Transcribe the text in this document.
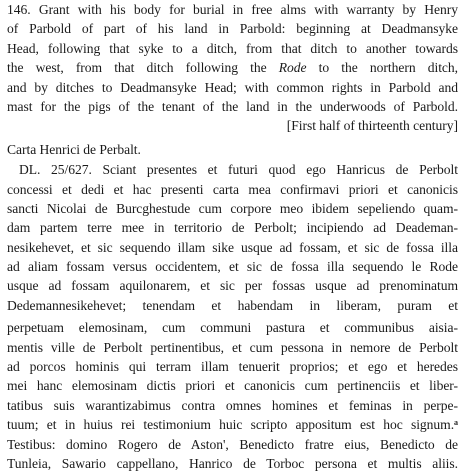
146. Grant with his body for burial in free alms with warranty by Henry
of Parbold of part of his land in Parbold: beginning at Deadmansyke
Head, following that syke to a ditch, from that ditch to another towards
the west, from that ditch following the Rode to the northern ditch,
and by ditches to Deadmansyke Head; with common rights in Parbold and
mast for the pigs of the tenant of the land in the underwoods of Parbold.
[First half of thirteenth century]
Carta Henrici de Perbalt.
DL. 25/627. Sciant presentes et futuri quod ego Hanricus de Perbolt
concessi et dedi et hac presenti carta mea confirmavi priori et canonicis
sancti Nicolai de Burcghestude cum corpore meo ibidem sepeliendo quam-
dam partem terre mee in territorio de Perbolt; incipiendo ad Deademan-
nesikehevet, et sic sequendo illam sike usque ad fossam, et sic de fossa illa
ad aliam fossam versus occidentem, et sic de fossa illa sequendo le Rode
usque ad fossam aquilonarem, et sic per fossas usque ad prenominatum
Dedemannesikehevet; tenendam et habendam in liberam, puram et
perpetuam elemosinam, cum communi pastura et communibus aisia-
mentis ville de Perbolt pertinentibus, et cum pessona in nemore de Perbolt
ad porcos hominis qui terram illam tenuerit proprios; et ego et heredes
mei hanc elemosinam dictis priori et canonicis cum pertinenciis et liber-
tatibus suis warantizabimus contra omnes homines et feminas in perpe-
tuum; et in huius rei testimonium huic scripto appositum est hoc signum.$^a$
Testibus: domino Rogero de Aston', Benedicto fratre eius, Benedicto de
Tunleia, Sawario cappellano, Hanrico de Torboc persona et multis aliis.
